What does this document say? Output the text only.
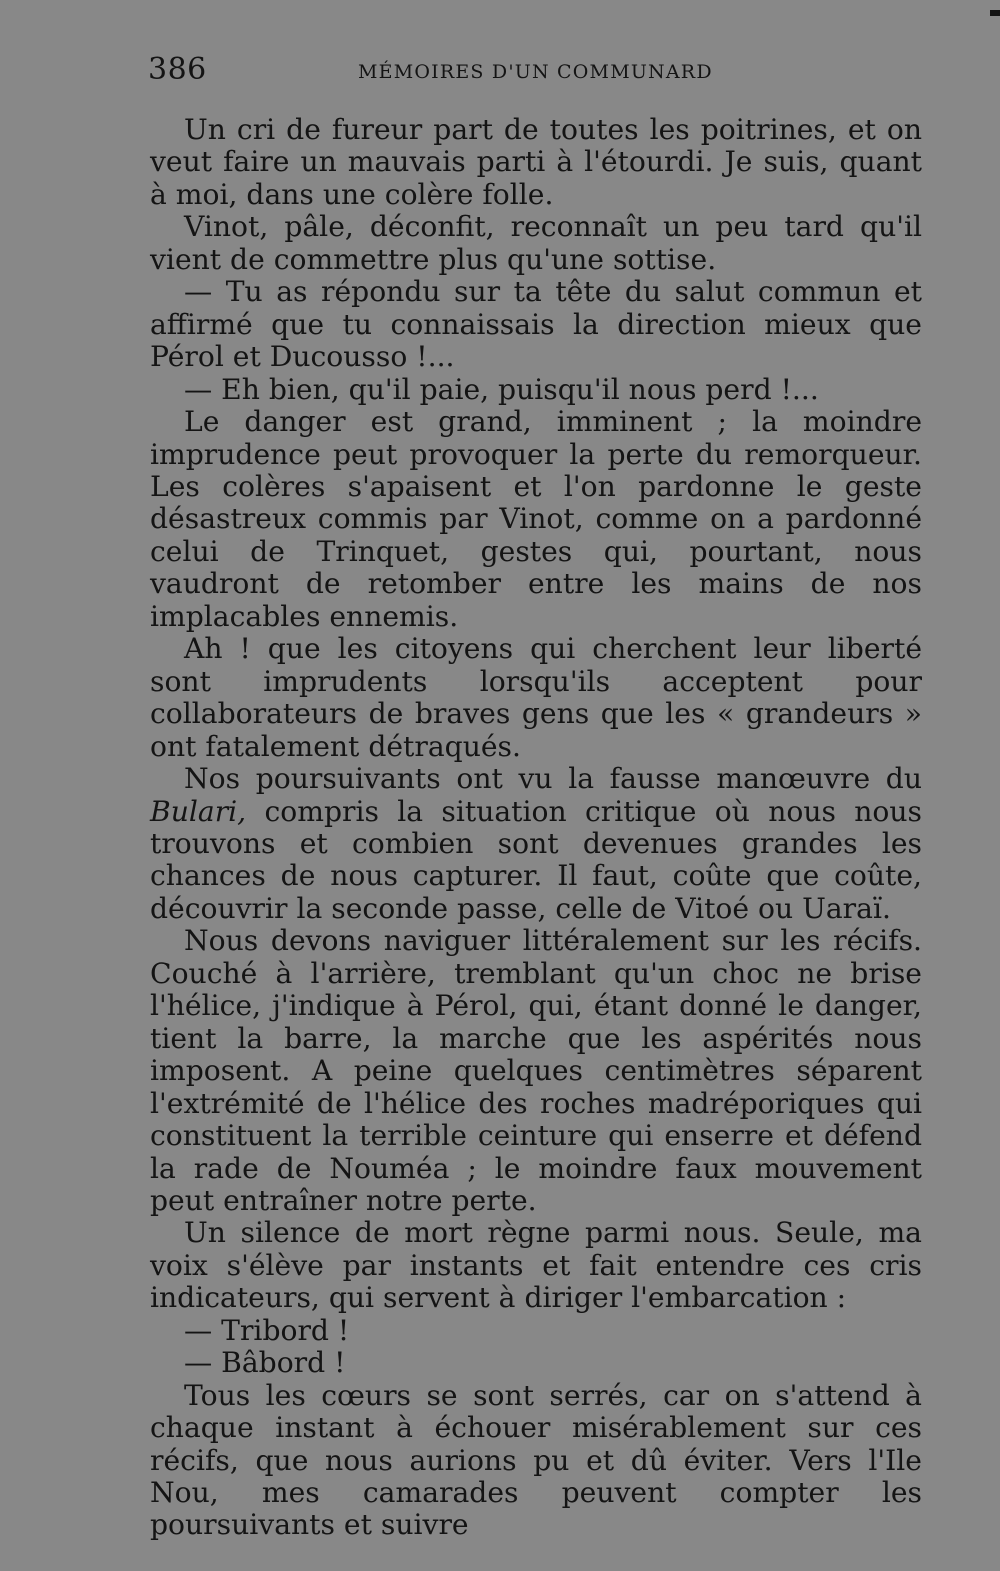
386	MÉMOIRES D'UN COMMUNARD

Un cri de fureur part de toutes les poitrines, et on veut faire un mauvais parti à l'étourdi. Je suis, quant à moi, dans une colère folle.

Vinot, pâle, déconfit, reconnaît un peu tard qu'il vient de commettre plus qu'une sottise.

— Tu as répondu sur ta tête du salut commun et affirmé que tu connaissais la direction mieux que Pérol et Ducousso !...

— Eh bien, qu'il paie, puisqu'il nous perd !...

Le danger est grand, imminent ; la moindre imprudence peut provoquer la perte du remorqueur. Les colères s'apaisent et l'on pardonne le geste désastreux commis par Vinot, comme on a pardonné celui de Trinquet, gestes qui, pourtant, nous vaudront de retomber entre les mains de nos implacables ennemis.

Ah ! que les citoyens qui cherchent leur liberté sont imprudents lorsqu'ils acceptent pour collaborateurs de braves gens que les « grandeurs » ont fatalement détraqués.

Nos poursuivants ont vu la fausse manœuvre du Bulari, compris la situation critique où nous nous trouvons et combien sont devenues grandes les chances de nous capturer. Il faut, coûte que coûte, découvrir la seconde passe, celle de Vitoé ou Uaraï.

Nous devons naviguer littéralement sur les récifs. Couché à l'arrière, tremblant qu'un choc ne brise l'hélice, j'indique à Pérol, qui, étant donné le danger, tient la barre, la marche que les aspérités nous imposent. A peine quelques centimètres séparent l'extrémité de l'hélice des roches madréporiques qui constituent la terrible ceinture qui enserre et défend la rade de Nouméa ; le moindre faux mouvement peut entraîner notre perte.

Un silence de mort règne parmi nous. Seule, ma voix s'élève par instants et fait entendre ces cris indicateurs, qui servent à diriger l'embarcation :

— Tribord !

— Bâbord !

Tous les cœurs se sont serrés, car on s'attend à chaque instant à échouer misérablement sur ces récifs, que nous aurions pu et dû éviter. Vers l'Ile Nou, mes camarades peuvent compter les poursuivants et suivre
